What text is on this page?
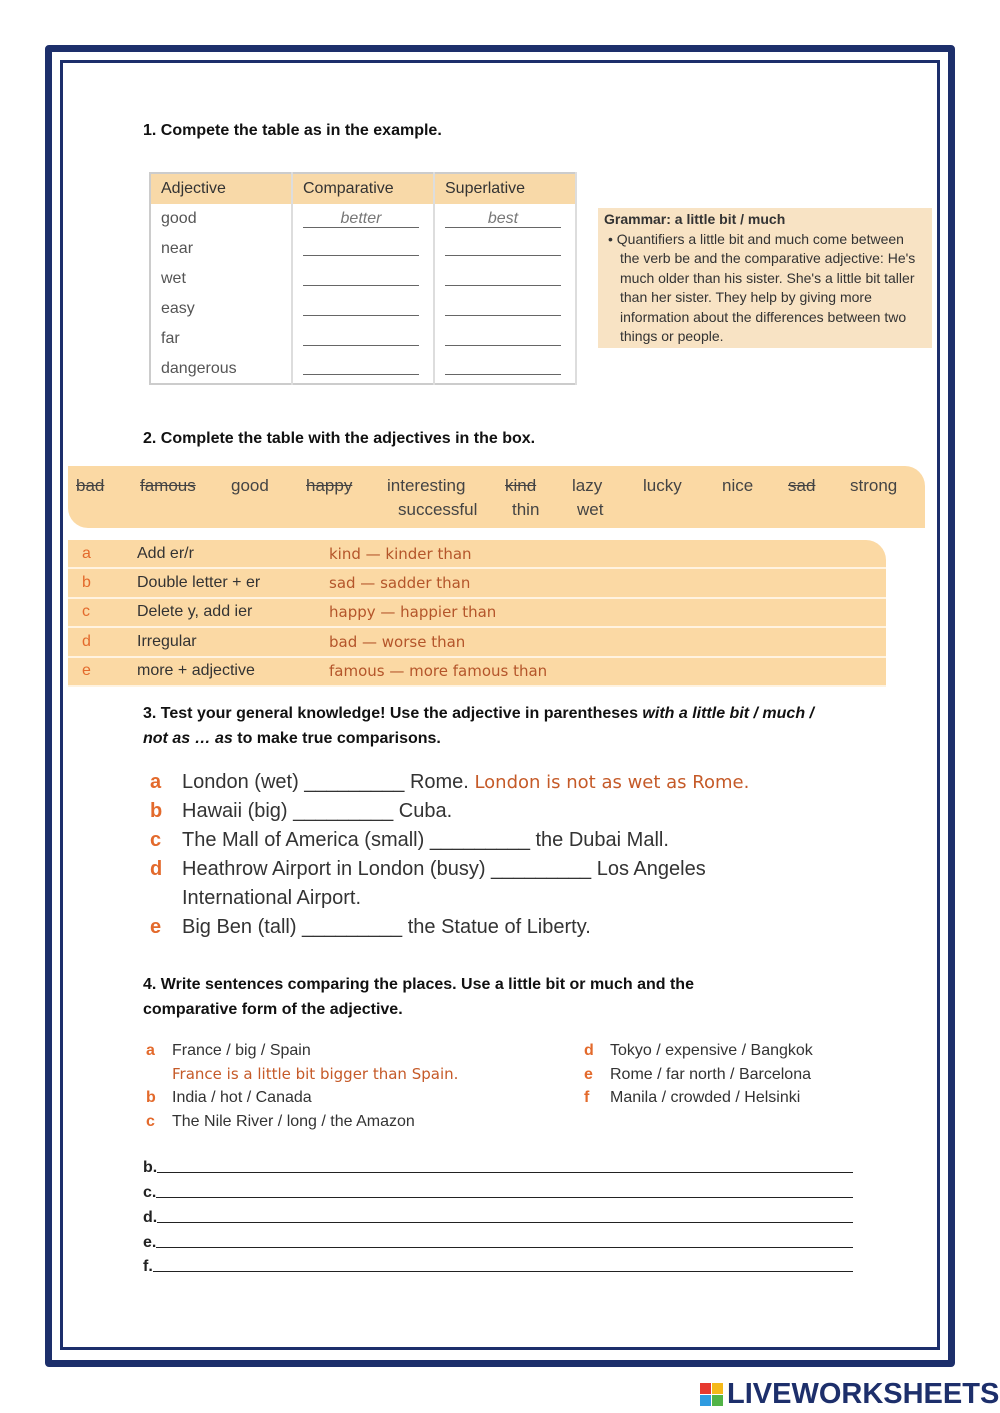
1. Compete the table as in the example.
Adjective	Comparative	Superlative
good	better	best
near		
wet		
easy		
far		
dangerous		
Grammar: a little bit / much
• Quantifiers a little bit and much come between the verb be and the comparative adjective: He's much older than his sister. She's a little bit taller than her sister. They help by giving more information about the differences between two things or people.
2. Complete the table with the adjectives in the box.
bad famous good happy interesting kind lazy lucky nice sad strong
successful thin wet
a	Add er/r	kind — kinder than
b	Double letter + er	sad — sadder than
c	Delete y, add ier	happy — happier than
d	Irregular	bad — worse than
e	more + adjective	famous — more famous than
3. Test your general knowledge! Use the adjective in parentheses with a little bit / much / not as … as to make true comparisons.
a London (wet) _________ Rome. London is not as wet as Rome.
b Hawaii (big) _________ Cuba.
c The Mall of America (small) _________ the Dubai Mall.
d Heathrow Airport in London (busy) _________ Los Angeles
International Airport.
e Big Ben (tall) _________ the Statue of Liberty.
4. Write sentences comparing the places. Use a little bit or much and the comparative form of the adjective.
a France / big / Spain
France is a little bit bigger than Spain.
b India / hot / Canada
c The Nile River / long / the Amazon
d Tokyo / expensive / Bangkok
e Rome / far north / Barcelona
f Manila / crowded / Helsinki
b.
c.
d.
e.
f.
LIVEWORKSHEETS
